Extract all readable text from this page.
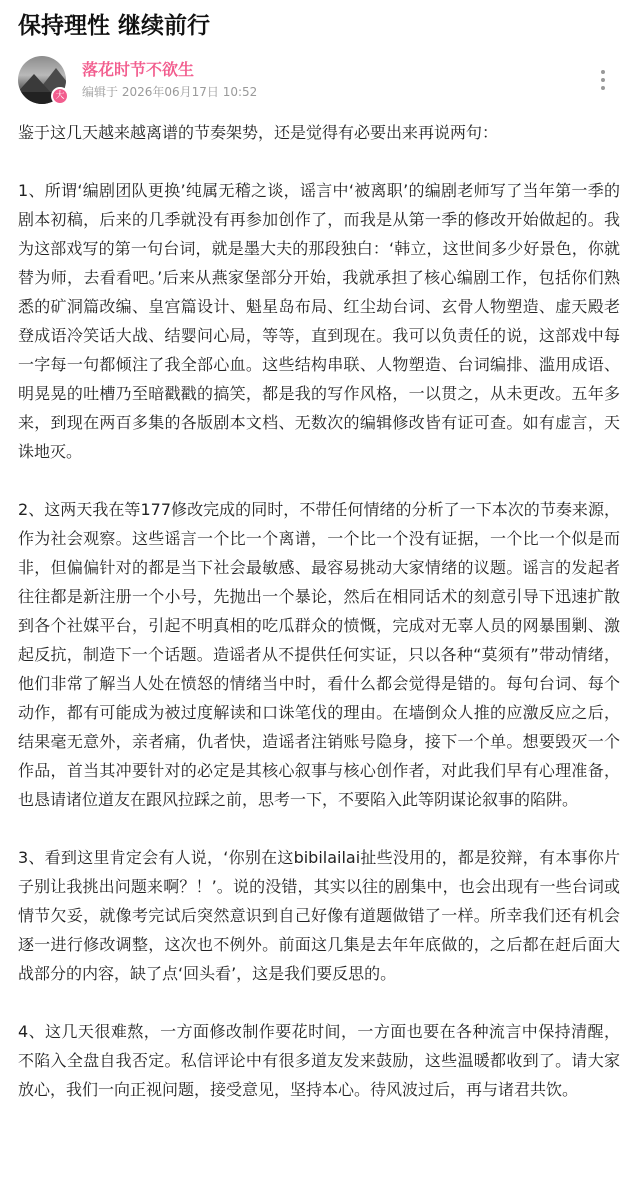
保持理性 继续前行
大
落花时节不欲生
编辑于 2026年06月17日 10:52

鉴于这几天越来越离谱的节奏架势，还是觉得有必要出来再说两句：

1、所谓‘编剧团队更换’纯属无稽之谈，谣言中‘被离职’的编剧老师写了当年第一季的剧本初稿，后来的几季就没有再参加创作了，而我是从第一季的修改开始做起的。我为这部戏写的第一句台词，就是墨大夫的那段独白：‘韩立，这世间多少好景色，你就替为师，去看看吧。’后来从燕家堡部分开始，我就承担了核心编剧工作，包括你们熟悉的矿洞篇改编、皇宫篇设计、魁星岛布局、红尘劫台词、玄骨人物塑造、虚天殿老登成语冷笑话大战、结婴问心局，等等，直到现在。我可以负责任的说，这部戏中每一字每一句都倾注了我全部心血。这些结构串联、人物塑造、台词编排、滥用成语、明晃晃的吐槽乃至暗戳戳的搞笑，都是我的写作风格，一以贯之，从未更改。五年多来，到现在两百多集的各版剧本文档、无数次的编辑修改皆有证可查。如有虚言，天诛地灭。

2、这两天我在等177修改完成的同时，不带任何情绪的分析了一下本次的节奏来源，作为社会观察。这些谣言一个比一个离谱，一个比一个没有证据，一个比一个似是而非，但偏偏针对的都是当下社会最敏感、最容易挑动大家情绪的议题。谣言的发起者往往都是新注册一个小号，先抛出一个暴论，然后在相同话术的刻意引导下迅速扩散到各个社媒平台，引起不明真相的吃瓜群众的愤慨，完成对无辜人员的网暴围剿、激起反抗，制造下一个话题。造谣者从不提供任何实证，只以各种“莫须有”带动情绪，他们非常了解当人处在愤怒的情绪当中时，看什么都会觉得是错的。每句台词、每个动作，都有可能成为被过度解读和口诛笔伐的理由。在墙倒众人推的应激反应之后，结果毫无意外，亲者痛，仇者快，造谣者注销账号隐身，接下一个单。想要毁灭一个作品，首当其冲要针对的必定是其核心叙事与核心创作者，对此我们早有心理准备，也恳请诸位道友在跟风拉踩之前，思考一下，不要陷入此等阴谋论叙事的陷阱。

3、看到这里肯定会有人说，‘你别在这bibilailai扯些没用的，都是狡辩，有本事你片子别让我挑出问题来啊？！’。说的没错，其实以往的剧集中，也会出现有一些台词或情节欠妥，就像考完试后突然意识到自己好像有道题做错了一样。所幸我们还有机会逐一进行修改调整，这次也不例外。前面这几集是去年年底做的，之后都在赶后面大战部分的内容，缺了点‘回头看’，这是我们要反思的。

4、这几天很难熬，一方面修改制作要花时间，一方面也要在各种流言中保持清醒，不陷入全盘自我否定。私信评论中有很多道友发来鼓励，这些温暖都收到了。请大家放心，我们一向正视问题，接受意见，坚持本心。待风波过后，再与诸君共饮。
